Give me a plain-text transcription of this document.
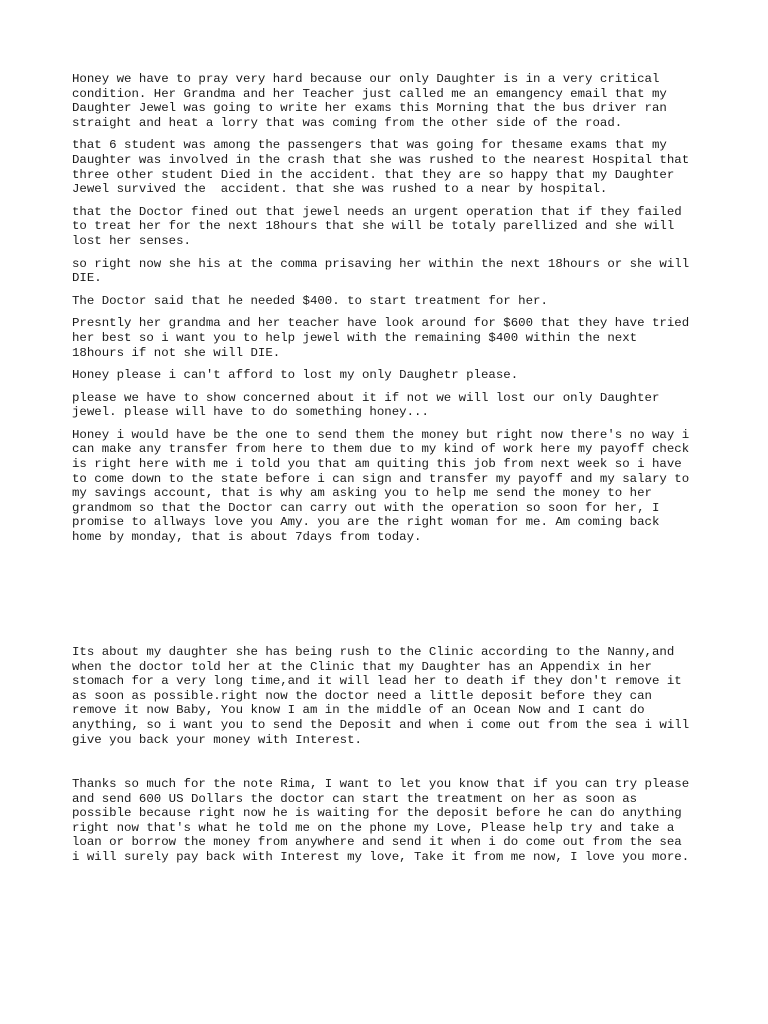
Honey we have to pray very hard because our only Daughter is in a very critical
condition. Her Grandma and her Teacher just called me an emangency email that my
Daughter Jewel was going to write her exams this Morning that the bus driver ran
straight and heat a lorry that was coming from the other side of the road.

that 6 student was among the passengers that was going for thesame exams that my
Daughter was involved in the crash that she was rushed to the nearest Hospital that
three other student Died in the accident. that they are so happy that my Daughter
Jewel survived the  accident. that she was rushed to a near by hospital.

that the Doctor fined out that jewel needs an urgent operation that if they failed
to treat her for the next 18hours that she will be totaly parellized and she will
lost her senses.

so right now she his at the comma prisaving her within the next 18hours or she will
DIE.

The Doctor said that he needed $400. to start treatment for her.

Presntly her grandma and her teacher have look around for $600 that they have tried
her best so i want you to help jewel with the remaining $400 within the next
18hours if not she will DIE.

Honey please i can't afford to lost my only Daughetr please.

please we have to show concerned about it if not we will lost our only Daughter
jewel. please will have to do something honey...

Honey i would have be the one to send them the money but right now there's no way i
can make any transfer from here to them due to my kind of work here my payoff check
is right here with me i told you that am quiting this job from next week so i have
to come down to the state before i can sign and transfer my payoff and my salary to
my savings account, that is why am asking you to help me send the money to her
grandmom so that the Doctor can carry out with the operation so soon for her, I
promise to allways love you Amy. you are the right woman for me. Am coming back
home by monday, that is about 7days from today.

Its about my daughter she has being rush to the Clinic according to the Nanny,and
when the doctor told her at the Clinic that my Daughter has an Appendix in her
stomach for a very long time,and it will lead her to death if they don't remove it
as soon as possible.right now the doctor need a little deposit before they can
remove it now Baby, You know I am in the middle of an Ocean Now and I cant do
anything, so i want you to send the Deposit and when i come out from the sea i will
give you back your money with Interest.

Thanks so much for the note Rima, I want to let you know that if you can try please
and send 600 US Dollars the doctor can start the treatment on her as soon as
possible because right now he is waiting for the deposit before he can do anything
right now that's what he told me on the phone my Love, Please help try and take a
loan or borrow the money from anywhere and send it when i do come out from the sea
i will surely pay back with Interest my love, Take it from me now, I love you more.
